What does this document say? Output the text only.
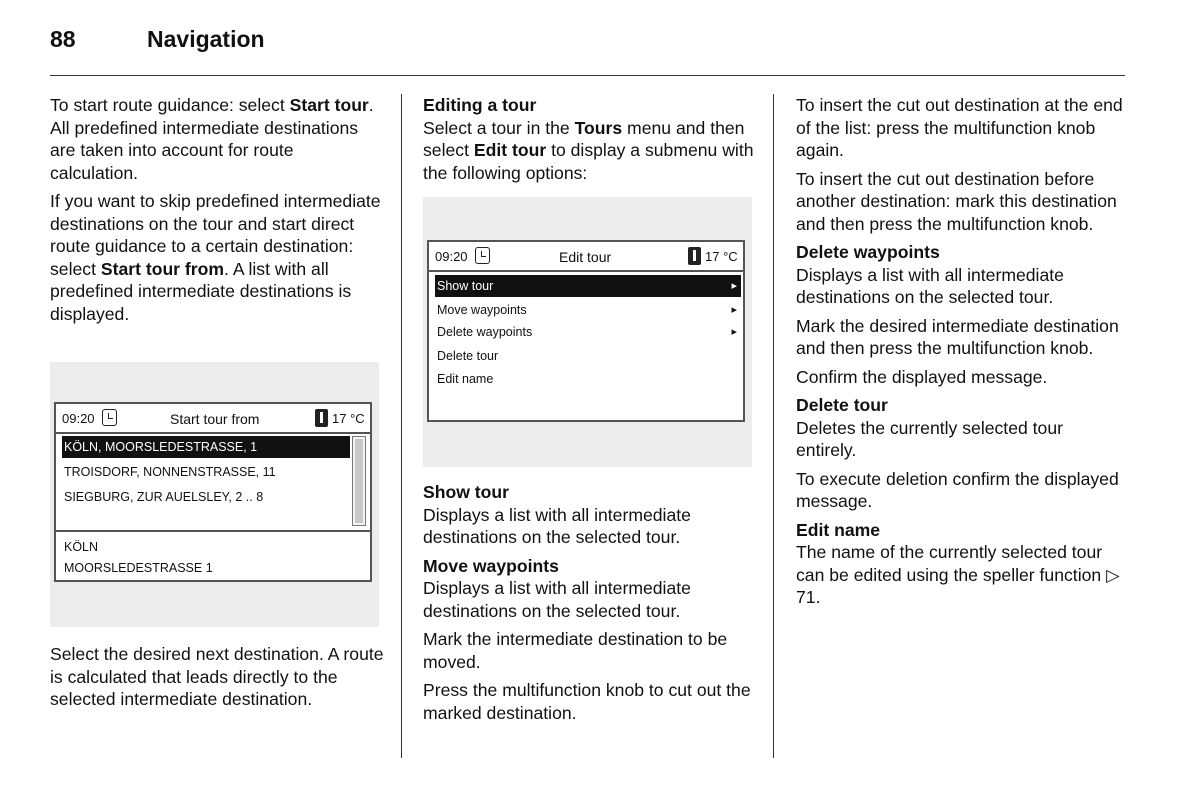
88	Navigation

To start route guidance: select Start tour. All predefined intermediate destinations are taken into account for route calculation.

If you want to skip predefined intermediate destinations on the tour and start direct route guidance to a certain destination: select Start tour from. A list with all predefined intermediate destinations is displayed.

09:20	Start tour from	17 °C
KÖLN, MOORSLEDESTRASSE, 1
TROISDORF, NONNENSTRASSE, 11
SIEGBURG, ZUR AUELSLEY, 2 .. 8
KÖLN
MOORSLEDESTRASSE 1

Select the desired next destination. A route is calculated that leads directly to the selected intermediate destination.

Editing a tour

Select a tour in the Tours menu and then select Edit tour to display a submenu with the following options:

09:20	Edit tour	17 °C
Show tour	▸
Move waypoints	▸
Delete waypoints	▸
Delete tour
Edit name
Show tour

Displays a list with all intermediate destinations on the selected tour.

Move waypoints

Displays a list with all intermediate destinations on the selected tour.

Mark the intermediate destination to be moved.

Press the multifunction knob to cut out the marked destination.

To insert the cut out destination at the end of the list: press the multifunction knob again.

To insert the cut out destination before another destination: mark this destination and then press the multifunction knob.

Delete waypoints

Displays a list with all intermediate destinations on the selected tour.

Mark the desired intermediate destination and then press the multifunction knob.

Confirm the displayed message.

Delete tour

Deletes the currently selected tour entirely.

To execute deletion confirm the displayed message.

Edit name

The name of the currently selected tour can be edited using the speller function ▷ 71.
